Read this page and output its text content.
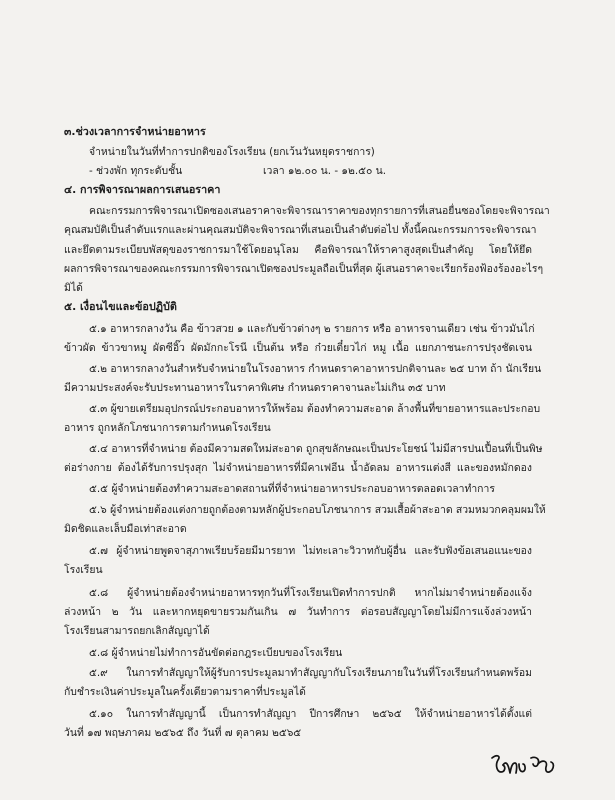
๓.ช่วงเวลาการจำหน่ายอาหาร

จำหน่ายในวันที่ทำการปกติของโรงเรียน (ยกเว้นวันหยุดราชการ)

- ช่วงพัก ทุกระดับชั้น	เวลา ๑๒.๐๐ น. - ๑๒.๕๐ น.

๔. การพิจารณาผลการเสนอราคา

คณะกรรมการพิจารณาเปิดซองเสนอราคาจะพิจารณาราคาของทุกรายการที่เสนอยื่นซองโดยจะพิจารณา

คุณสมบัติเป็นลำดับแรกและผ่านคุณสมบัติจะพิจารณาที่เสนอเป็นลำดับต่อไป ทั้งนี้คณะกรรมการจะพิจารณา

และยึดตามระเบียบพัสดุของราชการมาใช้โดยอนุโลม คือพิจารณาให้ราคาสูงสุดเป็นสำคัญ โดยให้ยึด

ผลการพิจารณาของคณะกรรมการพิจารณาเปิดซองประมูลถือเป็นที่สุด ผู้เสนอราคาจะเรียกร้องฟ้องร้องอะไรๆ

มิได้

๕. เงื่อนไขและข้อปฏิบัติ

๕.๑ อาหารกลางวัน คือ ข้าวสวย ๑ และกับข้าวต่างๆ ๒ รายการ หรือ อาหารจานเดียว เช่น ข้าวมันไก่

ข้าวผัด ข้าวขาหมู ผัดซีอิ๊ว ผัดมักกะโรนี เป็นต้น หรือ ก๋วยเตี๋ยวไก่ หมู เนื้อ แยกภาชนะการปรุงชัดเจน

๕.๒ อาหารกลางวันสำหรับจำหน่ายในโรงอาหาร กำหนดราคาอาหารปกติจานละ ๒๕ บาท ถ้า นักเรียน

มีความประสงค์จะรับประทานอาหารในราคาพิเศษ กำหนดราคาจานละไม่เกิน ๓๕ บาท

๕.๓ ผู้ขายเตรียมอุปกรณ์ประกอบอาหารให้พร้อม ต้องทำความสะอาด ล้างพื้นที่ขายอาหารและประกอบ

อาหาร ถูกหลักโภชนาการตามกำหนดโรงเรียน

๕.๔ อาหารที่จำหน่าย ต้องมีความสดใหม่สะอาด ถูกสุขลักษณะเป็นประโยชน์ ไม่มีสารปนเปื้อนที่เป็นพิษ

ต่อร่างกาย ต้องได้รับการปรุงสุก ไม่จำหน่ายอาหารที่มีคาเฟอีน น้ำอัดลม อาหารแต่งสี และของหมักดอง

๕.๕ ผู้จำหน่ายต้องทำความสะอาดสถานที่ที่จำหน่ายอาหารประกอบอาหารตลอดเวลาทำการ

๕.๖ ผู้จำหน่ายต้องแต่งกายถูกต้องตามหลักผู้ประกอบโภชนาการ สวมเสื้อผ้าสะอาด สวมหมวกคลุมผมให้

มิดชิดและเล็บมือเท่าสะอาด

๕.๗ ผู้จำหน่ายพูดจาสุภาพเรียบร้อยมีมารยาท ไม่ทะเลาะวิวาทกับผู้อื่น และรับฟังข้อเสนอแนะของ

โรงเรียน

๕.๘ ผู้จำหน่ายต้องจำหน่ายอาหารทุกวันที่โรงเรียนเปิดทำการปกติ หากไม่มาจำหน่ายต้องแจ้ง

ล่วงหน้า ๒ วัน และหากหยุดขายรวมกันเกิน ๗ วันทำการ ต่อรอบสัญญาโดยไม่มีการแจ้งล่วงหน้า

โรงเรียนสามารถยกเลิกสัญญาได้

๕.๘ ผู้จำหน่ายไม่ทำการอันขัดต่อกฎระเบียบของโรงเรียน

๕.๙ ในการทำสัญญาให้ผู้รับการประมูลมาทำสัญญากับโรงเรียนภายในวันที่โรงเรียนกำหนดพร้อม

กับชำระเงินค่าประมูลในครั้งเดียวตามราคาที่ประมูลได้

๕.๑๐ ในการทำสัญญานี้ เป็นการทำสัญญา ปีการศึกษา ๒๕๖๕ ให้จำหน่ายอาหารได้ตั้งแต่

วันที่ ๑๗ พฤษภาคม ๒๕๖๕ ถึง วันที่ ๗ ตุลาคม ๒๕๖๕
